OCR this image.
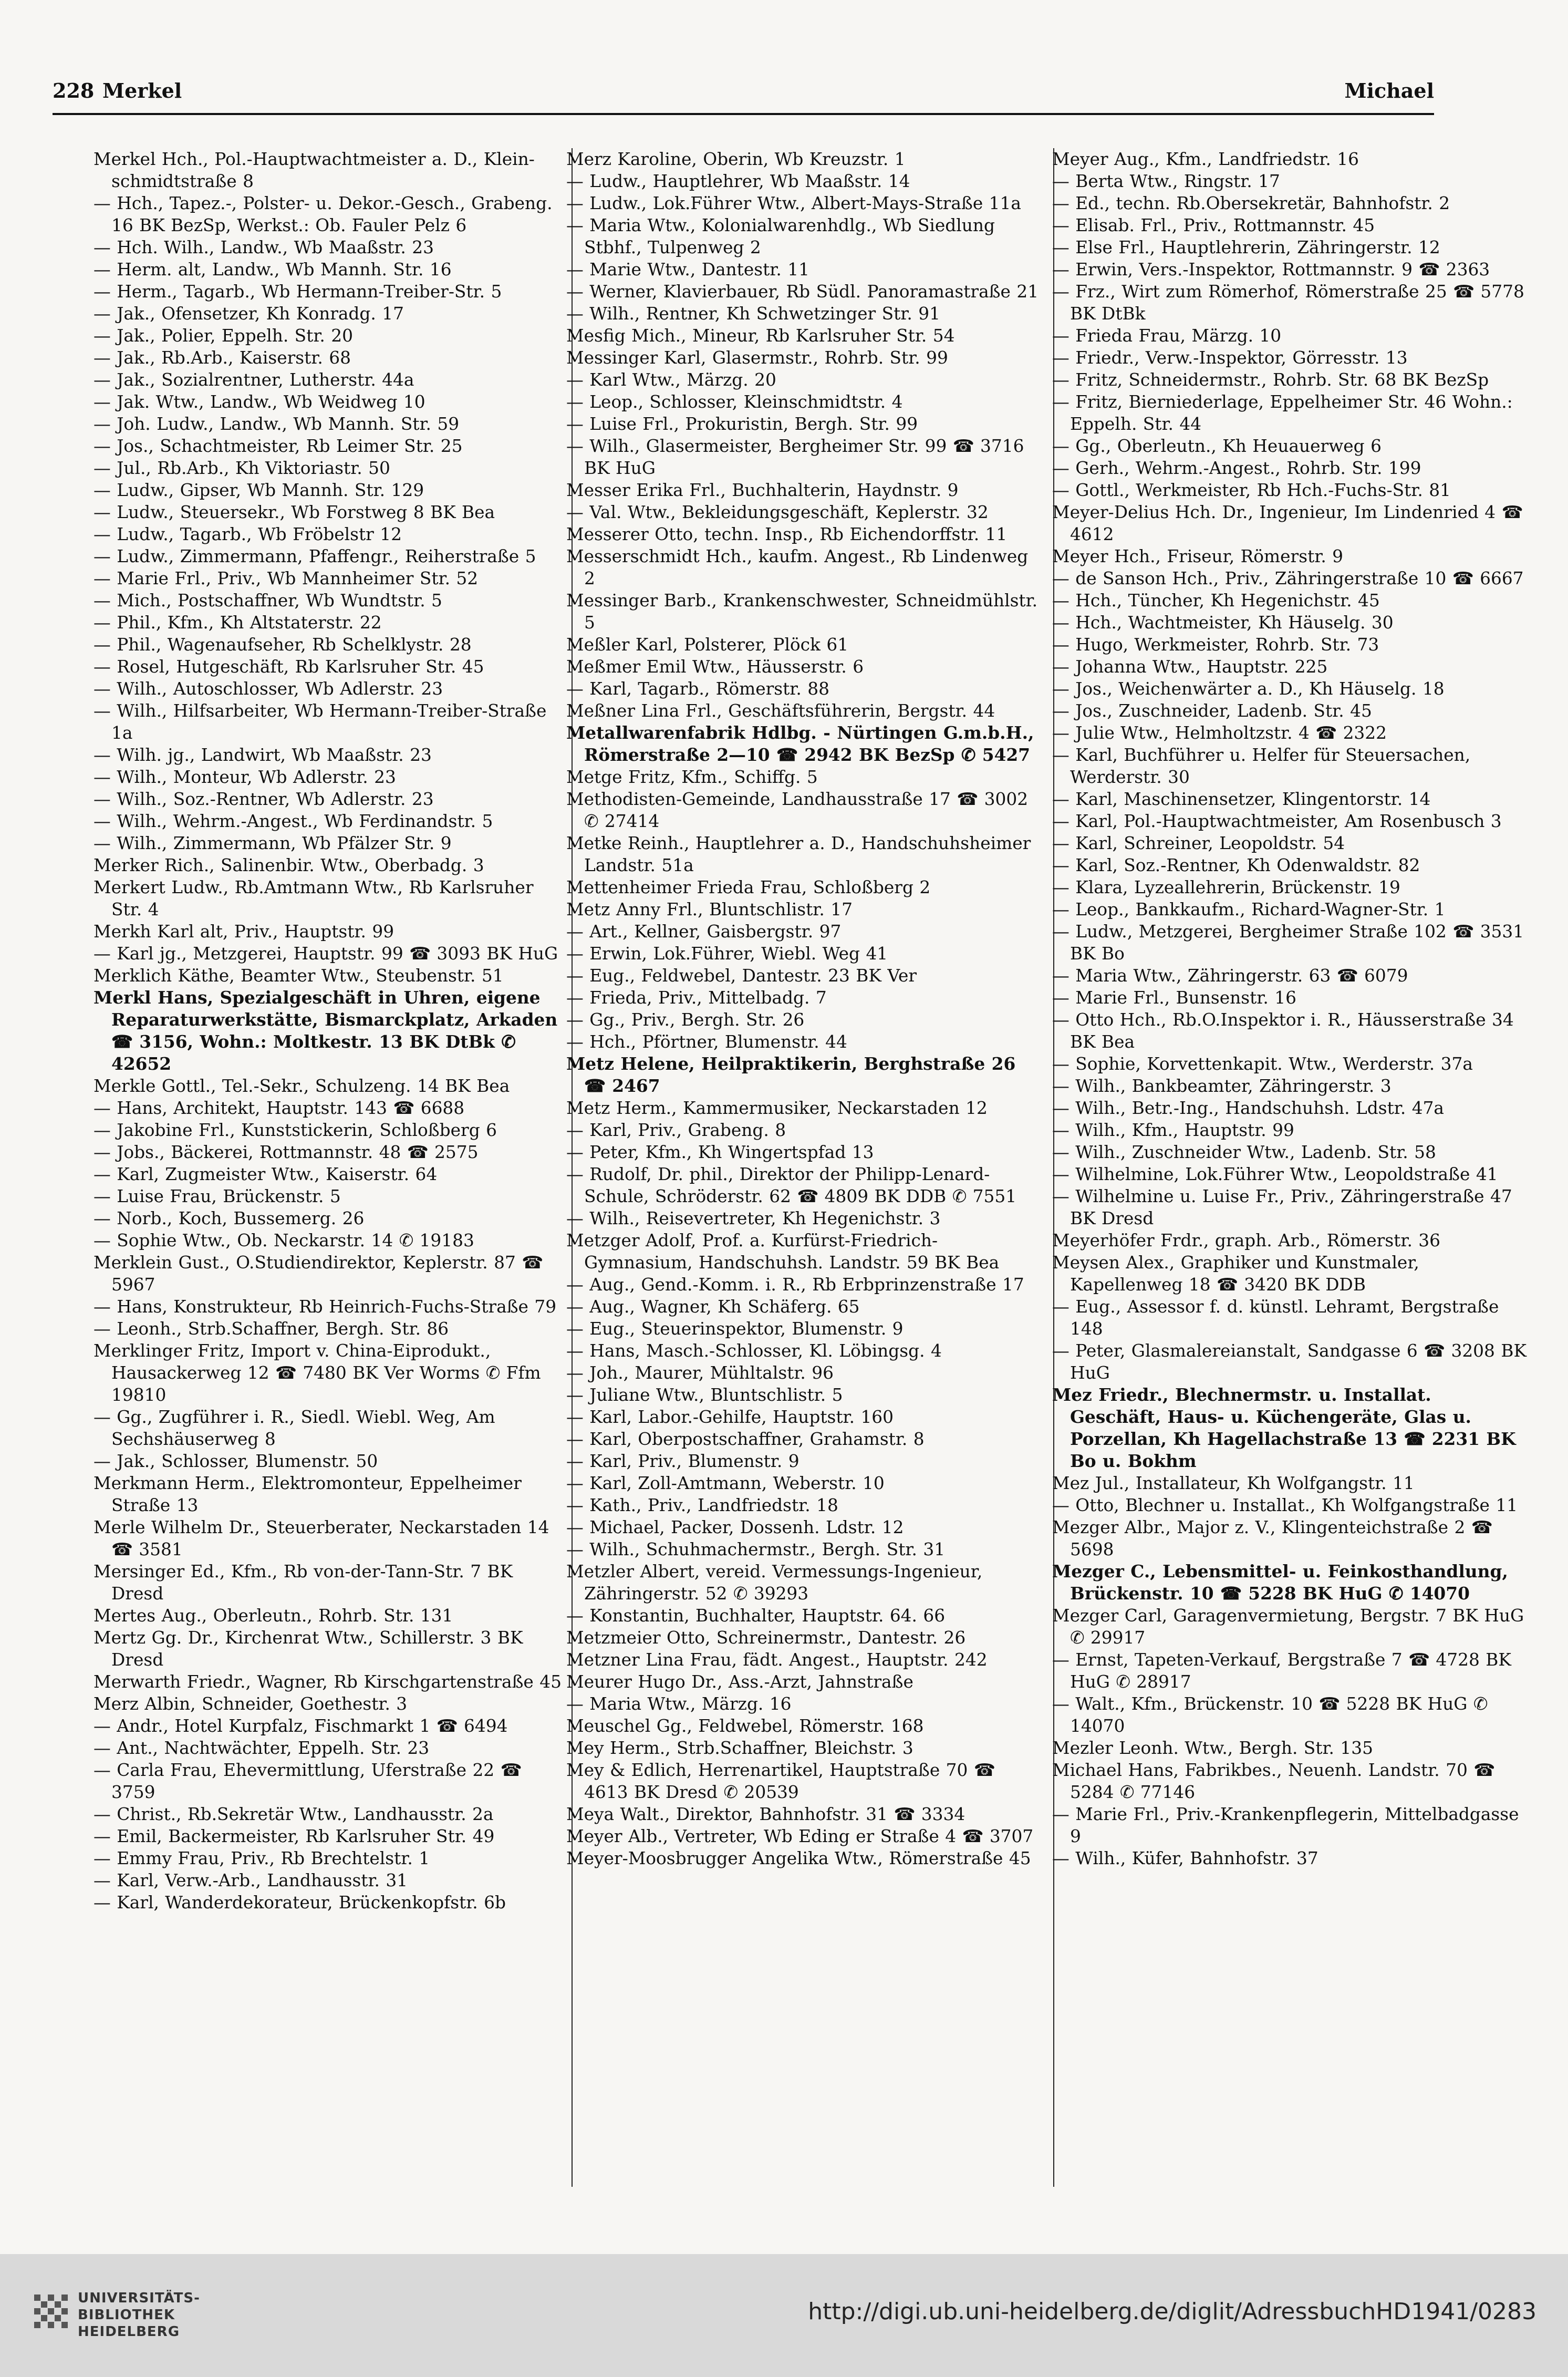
228 Merkel	Michael

Merkel Hch., Pol.-Hauptwachtmeister a. D., Klein-schmidtstraße 8

— Hch., Tapez.-, Polster- u. Dekor.-Gesch., Grabeng. 16 BK BezSp, Werkst.: Ob. Fauler Pelz 6

— Hch. Wilh., Landw., Wb Maaßstr. 23

— Herm. alt, Landw., Wb Mannh. Str. 16

— Herm., Tagarb., Wb Hermann-Treiber-Str. 5

— Jak., Ofensetzer, Kh Konradg. 17

— Jak., Polier, Eppelh. Str. 20

— Jak., Rb.Arb., Kaiserstr. 68

— Jak., Sozialrentner, Lutherstr. 44a

— Jak. Wtw., Landw., Wb Weidweg 10

— Joh. Ludw., Landw., Wb Mannh. Str. 59

— Jos., Schachtmeister, Rb Leimer Str. 25

— Jul., Rb.Arb., Kh Viktoriastr. 50

— Ludw., Gipser, Wb Mannh. Str. 129

— Ludw., Steuersekr., Wb Forstweg 8 BK Bea

— Ludw., Tagarb., Wb Fröbelstr 12

— Ludw., Zimmermann, Pfaffengr., Reiherstraße 5

— Marie Frl., Priv., Wb Mannheimer Str. 52

— Mich., Postschaffner, Wb Wundtstr. 5

— Phil., Kfm., Kh Altstaterstr. 22

— Phil., Wagenaufseher, Rb Schelklystr. 28

— Rosel, Hutgeschäft, Rb Karlsruher Str. 45

— Wilh., Autoschlosser, Wb Adlerstr. 23

— Wilh., Hilfsarbeiter, Wb Hermann-Treiber-Straße 1a

— Wilh. jg., Landwirt, Wb Maaßstr. 23

— Wilh., Monteur, Wb Adlerstr. 23

— Wilh., Soz.-Rentner, Wb Adlerstr. 23

— Wilh., Wehrm.-Angest., Wb Ferdinandstr. 5

— Wilh., Zimmermann, Wb Pfälzer Str. 9

Merker Rich., Salinenbir. Wtw., Oberbadg. 3

Merkert Ludw., Rb.Amtmann Wtw., Rb Karlsruher Str. 4

Merkh Karl alt, Priv., Hauptstr. 99

— Karl jg., Metzgerei, Hauptstr. 99 ☎ 3093 BK HuG

Merklich Käthe, Beamter Wtw., Steubenstr. 51

Merkl Hans, Spezialgeschäft in Uhren, eigene Reparaturwerkstätte, Bismarckplatz, Arkaden ☎ 3156, Wohn.: Moltkestr. 13 BK DtBk ✆ 42652

Merkle Gottl., Tel.-Sekr., Schulzeng. 14 BK Bea

— Hans, Architekt, Hauptstr. 143 ☎ 6688

— Jakobine Frl., Kunststickerin, Schloßberg 6

— Jobs., Bäckerei, Rottmannstr. 48 ☎ 2575

— Karl, Zugmeister Wtw., Kaiserstr. 64

— Luise Frau, Brückenstr. 5

— Norb., Koch, Bussemerg. 26

— Sophie Wtw., Ob. Neckarstr. 14 ✆ 19183

Merklein Gust., O.Studiendirektor, Keplerstr. 87 ☎ 5967

— Hans, Konstrukteur, Rb Heinrich-Fuchs-Straße 79

— Leonh., Strb.Schaffner, Bergh. Str. 86

Merklinger Fritz, Import v. China-Eiprodukt., Hausackerweg 12 ☎ 7480 BK Ver Worms ✆ Ffm 19810

— Gg., Zugführer i. R., Siedl. Wiebl. Weg, Am Sechshäuserweg 8

— Jak., Schlosser, Blumenstr. 50

Merkmann Herm., Elektromonteur, Eppelheimer Straße 13

Merle Wilhelm Dr., Steuerberater, Neckarstaden 14 ☎ 3581

Mersinger Ed., Kfm., Rb von-der-Tann-Str. 7 BK Dresd

Mertes Aug., Oberleutn., Rohrb. Str. 131

Mertz Gg. Dr., Kirchenrat Wtw., Schillerstr. 3 BK Dresd

Merwarth Friedr., Wagner, Rb Kirschgartenstraße 45

Merz Albin, Schneider, Goethestr. 3

— Andr., Hotel Kurpfalz, Fischmarkt 1 ☎ 6494

— Ant., Nachtwächter, Eppelh. Str. 23

— Carla Frau, Ehevermittlung, Uferstraße 22 ☎ 3759

— Christ., Rb.Sekretär Wtw., Landhausstr. 2a

— Emil, Backermeister, Rb Karlsruher Str. 49

— Emmy Frau, Priv., Rb Brechtelstr. 1

— Karl, Verw.-Arb., Landhausstr. 31

— Karl, Wanderdekorateur, Brückenkopfstr. 6b

Merz Karoline, Oberin, Wb Kreuzstr. 1

— Ludw., Hauptlehrer, Wb Maaßstr. 14

— Ludw., Lok.Führer Wtw., Albert-Mays-Straße 11a

— Maria Wtw., Kolonialwarenhdlg., Wb Siedlung Stbhf., Tulpenweg 2

— Marie Wtw., Dantestr. 11

— Werner, Klavierbauer, Rb Südl. Panoramastraße 21

— Wilh., Rentner, Kh Schwetzinger Str. 91

Mesfig Mich., Mineur, Rb Karlsruher Str. 54

Messinger Karl, Glasermstr., Rohrb. Str. 99

— Karl Wtw., Märzg. 20

— Leop., Schlosser, Kleinschmidtstr. 4

— Luise Frl., Prokuristin, Bergh. Str. 99

— Wilh., Glasermeister, Bergheimer Str. 99 ☎ 3716 BK HuG

Messer Erika Frl., Buchhalterin, Haydnstr. 9

— Val. Wtw., Bekleidungsgeschäft, Keplerstr. 32

Messerer Otto, techn. Insp., Rb Eichendorffstr. 11

Messerschmidt Hch., kaufm. Angest., Rb Lindenweg 2

Messinger Barb., Krankenschwester, Schneidmühlstr. 5

Meßler Karl, Polsterer, Plöck 61

Meßmer Emil Wtw., Häusserstr. 6

— Karl, Tagarb., Römerstr. 88

Meßner Lina Frl., Geschäftsführerin, Bergstr. 44

Metallwarenfabrik Hdlbg. - Nürtingen G.m.b.H., Römerstraße 2—10 ☎ 2942 BK BezSp ✆ 5427

Metge Fritz, Kfm., Schiffg. 5

Methodisten-Gemeinde, Landhausstraße 17 ☎ 3002 ✆ 27414

Metke Reinh., Hauptlehrer a. D., Handschuhsheimer Landstr. 51a

Mettenheimer Frieda Frau, Schloßberg 2

Metz Anny Frl., Bluntschlistr. 17

— Art., Kellner, Gaisbergstr. 97

— Erwin, Lok.Führer, Wiebl. Weg 41

— Eug., Feldwebel, Dantestr. 23 BK Ver

— Frieda, Priv., Mittelbadg. 7

— Gg., Priv., Bergh. Str. 26

— Hch., Pförtner, Blumenstr. 44

Metz Helene, Heilpraktikerin, Berghstraße 26 ☎ 2467

Metz Herm., Kammermusiker, Neckarstaden 12

— Karl, Priv., Grabeng. 8

— Peter, Kfm., Kh Wingertspfad 13

— Rudolf, Dr. phil., Direktor der Philipp-Lenard-Schule, Schröderstr. 62 ☎ 4809 BK DDB ✆ 7551

— Wilh., Reisevertreter, Kh Hegenichstr. 3

Metzger Adolf, Prof. a. Kurfürst-Friedrich-Gymnasium, Handschuhsh. Landstr. 59 BK Bea

— Aug., Gend.-Komm. i. R., Rb Erbprinzenstraße 17

— Aug., Wagner, Kh Schäferg. 65

— Eug., Steuerinspektor, Blumenstr. 9

— Hans, Masch.-Schlosser, Kl. Löbingsg. 4

— Joh., Maurer, Mühltalstr. 96

— Juliane Wtw., Bluntschlistr. 5

— Karl, Labor.-Gehilfe, Hauptstr. 160

— Karl, Oberpostschaffner, Grahamstr. 8

— Karl, Priv., Blumenstr. 9

— Karl, Zoll-Amtmann, Weberstr. 10

— Kath., Priv., Landfriedstr. 18

— Michael, Packer, Dossenh. Ldstr. 12

— Wilh., Schuhmachermstr., Bergh. Str. 31

Metzler Albert, vereid. Vermessungs-Ingenieur, Zähringerstr. 52 ✆ 39293

— Konstantin, Buchhalter, Hauptstr. 64. 66

Metzmeier Otto, Schreinermstr., Dantestr. 26

Metzner Lina Frau, fädt. Angest., Hauptstr. 242

Meurer Hugo Dr., Ass.-Arzt, Jahnstraße

— Maria Wtw., Märzg. 16

Meuschel Gg., Feldwebel, Römerstr. 168

Mey Herm., Strb.Schaffner, Bleichstr. 3

Mey & Edlich, Herrenartikel, Hauptstraße 70 ☎ 4613 BK Dresd ✆ 20539

Meya Walt., Direktor, Bahnhofstr. 31 ☎ 3334

Meyer Alb., Vertreter, Wb Eding er Straße 4 ☎ 3707

Meyer-Moosbrugger Angelika Wtw., Römerstraße 45

Meyer Aug., Kfm., Landfriedstr. 16

— Berta Wtw., Ringstr. 17

— Ed., techn. Rb.Obersekretär, Bahnhofstr. 2

— Elisab. Frl., Priv., Rottmannstr. 45

— Else Frl., Hauptlehrerin, Zähringerstr. 12

— Erwin, Vers.-Inspektor, Rottmannstr. 9 ☎ 2363

— Frz., Wirt zum Römerhof, Römerstraße 25 ☎ 5778 BK DtBk

— Frieda Frau, Märzg. 10

— Friedr., Verw.-Inspektor, Görresstr. 13

— Fritz, Schneidermstr., Rohrb. Str. 68 BK BezSp

— Fritz, Bierniederlage, Eppelheimer Str. 46 Wohn.: Eppelh. Str. 44

— Gg., Oberleutn., Kh Heuauerweg 6

— Gerh., Wehrm.-Angest., Rohrb. Str. 199

— Gottl., Werkmeister, Rb Hch.-Fuchs-Str. 81

Meyer-Delius Hch. Dr., Ingenieur, Im Lindenried 4 ☎ 4612

Meyer Hch., Friseur, Römerstr. 9

— de Sanson Hch., Priv., Zähringerstraße 10 ☎ 6667

— Hch., Tüncher, Kh Hegenichstr. 45

— Hch., Wachtmeister, Kh Häuselg. 30

— Hugo, Werkmeister, Rohrb. Str. 73

— Johanna Wtw., Hauptstr. 225

— Jos., Weichenwärter a. D., Kh Häuselg. 18

— Jos., Zuschneider, Ladenb. Str. 45

— Julie Wtw., Helmholtzstr. 4 ☎ 2322

— Karl, Buchführer u. Helfer für Steuersachen, Werderstr. 30

— Karl, Maschinensetzer, Klingentorstr. 14

— Karl, Pol.-Hauptwachtmeister, Am Rosenbusch 3

— Karl, Schreiner, Leopoldstr. 54

— Karl, Soz.-Rentner, Kh Odenwaldstr. 82

— Klara, Lyzeallehrerin, Brückenstr. 19

— Leop., Bankkaufm., Richard-Wagner-Str. 1

— Ludw., Metzgerei, Bergheimer Straße 102 ☎ 3531 BK Bo

— Maria Wtw., Zähringerstr. 63 ☎ 6079

— Marie Frl., Bunsenstr. 16

— Otto Hch., Rb.O.Inspektor i. R., Häusserstraße 34 BK Bea

— Sophie, Korvettenkapit. Wtw., Werderstr. 37a

— Wilh., Bankbeamter, Zähringerstr. 3

— Wilh., Betr.-Ing., Handschuhsh. Ldstr. 47a

— Wilh., Kfm., Hauptstr. 99

— Wilh., Zuschneider Wtw., Ladenb. Str. 58

— Wilhelmine, Lok.Führer Wtw., Leopoldstraße 41

— Wilhelmine u. Luise Fr., Priv., Zähringerstraße 47 BK Dresd

Meyerhöfer Frdr., graph. Arb., Römerstr. 36

Meysen Alex., Graphiker und Kunstmaler, Kapellenweg 18 ☎ 3420 BK DDB

— Eug., Assessor f. d. künstl. Lehramt, Bergstraße 148

— Peter, Glasmalereianstalt, Sandgasse 6 ☎ 3208 BK HuG

Mez Friedr., Blechnermstr. u. Installat. Geschäft, Haus- u. Küchengeräte, Glas u. Porzellan, Kh Hagellachstraße 13 ☎ 2231 BK Bo u. Bokhm

Mez Jul., Installateur, Kh Wolfgangstr. 11

— Otto, Blechner u. Installat., Kh Wolfgangstraße 11

Mezger Albr., Major z. V., Klingenteichstraße 2 ☎ 5698

Mezger C., Lebensmittel- u. Feinkosthandlung, Brückenstr. 10 ☎ 5228 BK HuG ✆ 14070

Mezger Carl, Garagenvermietung, Bergstr. 7 BK HuG ✆ 29917

— Ernst, Tapeten-Verkauf, Bergstraße 7 ☎ 4728 BK HuG ✆ 28917

— Walt., Kfm., Brückenstr. 10 ☎ 5228 BK HuG ✆ 14070

Mezler Leonh. Wtw., Bergh. Str. 135

Michael Hans, Fabrikbes., Neuenh. Landstr. 70 ☎ 5284 ✆ 77146

— Marie Frl., Priv.-Krankenpflegerin, Mittelbadgasse 9

— Wilh., Küfer, Bahnhofstr. 37

UNIVERSITÄTS-
BIBLIOTHEK
HEIDELBERG
http://digi.ub.uni-heidelberg.de/diglit/AdressbuchHD1941/0283
